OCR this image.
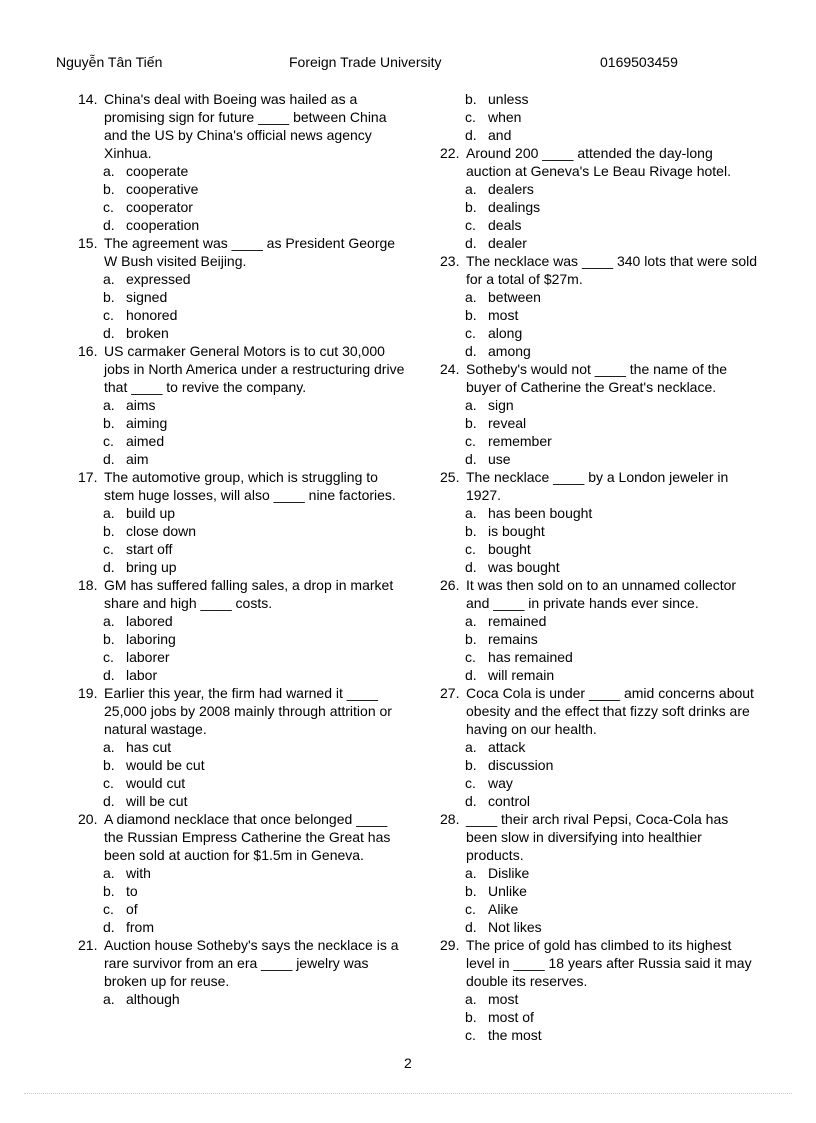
Nguyễn Tân Tiến	Foreign Trade University	0169503459
14. China's deal with Boeing was hailed as a promising sign for future ____ between China and the US by China's official news agency Xinhua.
a. cooperate
b. cooperative
c. cooperator
d. cooperation
15. The agreement was ____ as President George W Bush visited Beijing.
a. expressed
b. signed
c. honored
d. broken
16. US carmaker General Motors is to cut 30,000 jobs in North America under a restructuring drive that ____ to revive the company.
a. aims
b. aiming
c. aimed
d. aim
17. The automotive group, which is struggling to stem huge losses, will also ____ nine factories.
a. build up
b. close down
c. start off
d. bring up
18. GM has suffered falling sales, a drop in market share and high ____ costs.
a. labored
b. laboring
c. laborer
d. labor
19. Earlier this year, the firm had warned it ____ 25,000 jobs by 2008 mainly through attrition or natural wastage.
a. has cut
b. would be cut
c. would cut
d. will be cut
20. A diamond necklace that once belonged ____ the Russian Empress Catherine the Great has been sold at auction for $1.5m in Geneva.
a. with
b. to
c. of
d. from
21. Auction house Sotheby's says the necklace is a rare survivor from an era ____ jewelry was broken up for reuse.
a. although
b. unless
c. when
d. and
22. Around 200 ____ attended the day-long auction at Geneva's Le Beau Rivage hotel.
a. dealers
b. dealings
c. deals
d. dealer
23. The necklace was ____ 340 lots that were sold for a total of $27m.
a. between
b. most
c. along
d. among
24. Sotheby's would not ____ the name of the buyer of Catherine the Great's necklace.
a. sign
b. reveal
c. remember
d. use
25. The necklace ____ by a London jeweler in 1927.
a. has been bought
b. is bought
c. bought
d. was bought
26. It was then sold on to an unnamed collector and ____ in private hands ever since.
a. remained
b. remains
c. has remained
d. will remain
27. Coca Cola is under ____ amid concerns about obesity and the effect that fizzy soft drinks are having on our health.
a. attack
b. discussion
c. way
d. control
28. ____ their arch rival Pepsi, Coca-Cola has been slow in diversifying into healthier products.
a. Dislike
b. Unlike
c. Alike
d. Not likes
29. The price of gold has climbed to its highest level in ____ 18 years after Russia said it may double its reserves.
a. most
b. most of
c. the most
2
